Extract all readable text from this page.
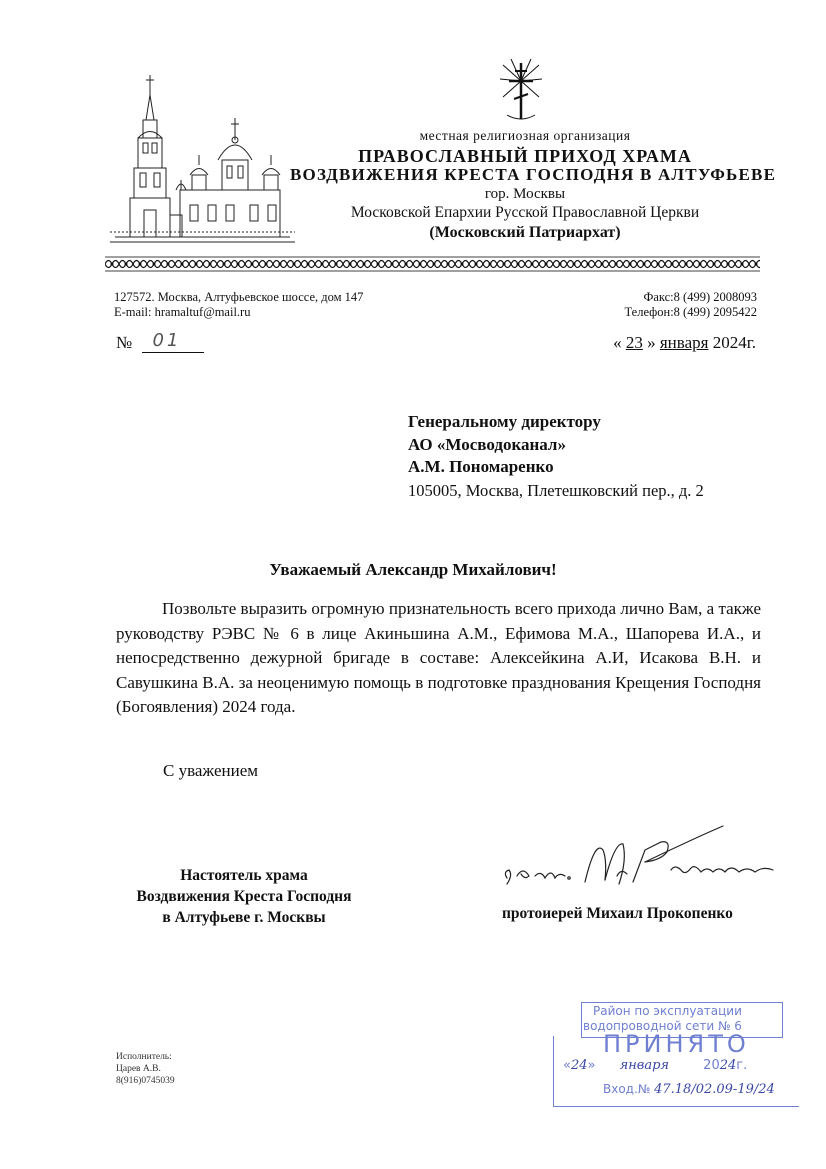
местная религиозная организация
ПРАВОСЛАВНЫЙ ПРИХОД ХРАМА
ВОЗДВИЖЕНИЯ КРЕСТА ГОСПОДНЯ В АЛТУФЬЕВЕ
гор. Москвы
Московской Епархии Русской Православной Церкви
(Московский Патриархат)
127572. Москва, Алтуфьевское шоссе, дом 147
E-mail: hramaltuf@mail.ru
Факс:8 (499) 2008093
Телефон:8 (499) 2095422
№ 01	« 23 » января 2024г.
Генеральному директору
АО «Мосводоканал»
А.М. Пономаренко
105005, Москва, Плетешковский пер., д. 2
Уважаемый Александр Михайлович!
Позвольте выразить огромную признательность всего прихода лично Вам, а также руководству РЭВС № 6 в лице Акиньшина А.М., Ефимова М.А., Шапорева И.А., и непосредственно дежурной бригаде в составе: Алексейкина А.И, Исакова В.Н. и Савушкина В.А. за неоценимую помощь в подготовке празднования Крещения Господня (Богоявления) 2024 года.
С уважением
Настоятель храма
Воздвижения Креста Господня
в Алтуфьеве г. Москвы	протоиерей Михаил Прокопенко
Исполнитель:
Царев А.В.
8(916)0745039
Район по эксплуатации
водопроводной сети № 6
ПРИНЯТО
«24» января	2024г.
Вход.№ 47.18/02.09-19/24
